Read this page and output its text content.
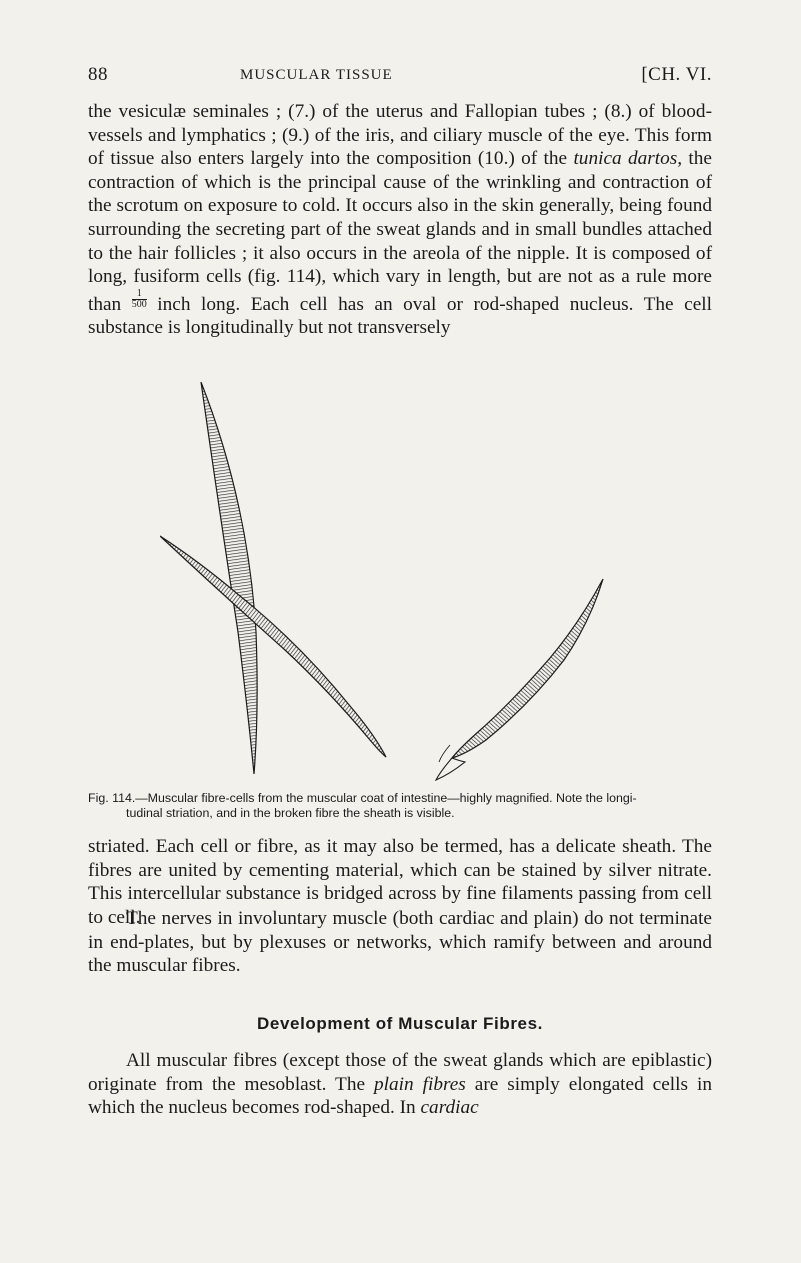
88	MUSCULAR TISSUE	[CH. VI.

the vesiculæ seminales ; (7.) of the uterus and Fallopian tubes ; (8.) of blood-vessels and lymphatics ; (9.) of the iris, and ciliary muscle of the eye. This form of tissue also enters largely into the composition (10.) of the tunica dartos, the contraction of which is the principal cause of the wrinkling and contraction of the scrotum on exposure to cold. It occurs also in the skin generally, being found surrounding the secreting part of the sweat glands and in small bundles attached to the hair follicles ; it also occurs in the areola of the nipple. It is composed of long, fusiform cells (fig. 114), which vary in length, but are not as a rule more than $\frac{1}{500}$ inch long. Each cell has an oval or rod-shaped nucleus. The cell substance is longitudinally but not transversely

Fig. 114.—Muscular fibre-cells from the muscular coat of intestine—highly magnified. Note the longi-
tudinal striation, and in the broken fibre the sheath is visible.

striated. Each cell or fibre, as it may also be termed, has a delicate sheath. The fibres are united by cementing material, which can be stained by silver nitrate. This intercellular substance is bridged across by fine filaments passing from cell to cell.

The nerves in involuntary muscle (both cardiac and plain) do not terminate in end-plates, but by plexuses or networks, which ramify between and around the muscular fibres.

Development of Muscular Fibres.

All muscular fibres (except those of the sweat glands which are epiblastic) originate from the mesoblast. The plain fibres are simply elongated cells in which the nucleus becomes rod-shaped. In cardiac
